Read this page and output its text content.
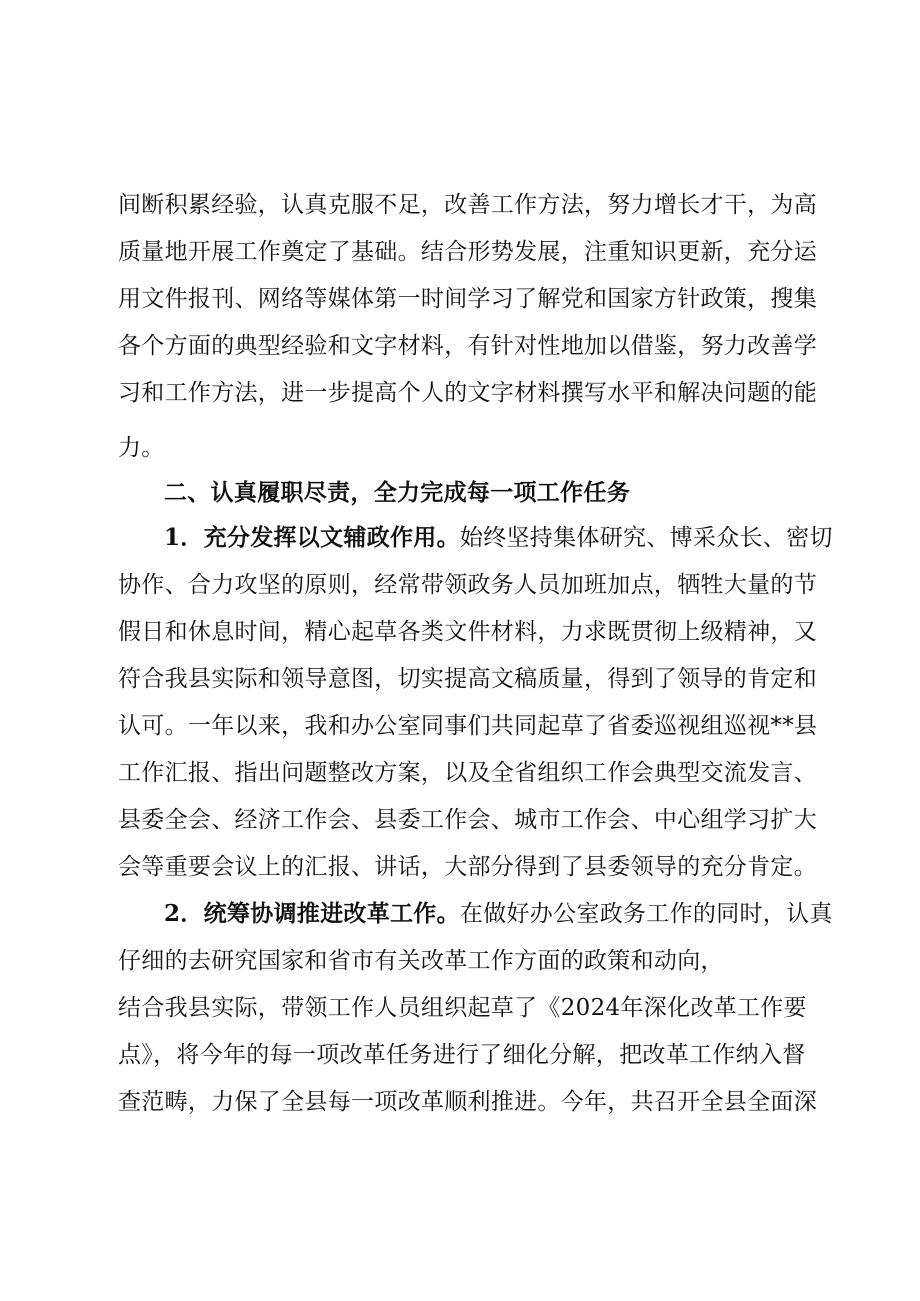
间断积累经验，认真克服不足，改善工作方法，努力增长才干，为高
质量地开展工作奠定了基础。结合形势发展，注重知识更新，充分运
用文件报刊、网络等媒体第一时间学习了解党和国家方针政策，搜集
各个方面的典型经验和文字材料，有针对性地加以借鉴，努力改善学
习和工作方法，进一步提高个人的文字材料撰写水平和解决问题的能
力。
二、认真履职尽责，全力完成每一项工作任务
1．充分发挥以文辅政作用。始终坚持集体研究、博采众长、密切
协作、合力攻坚的原则，经常带领政务人员加班加点，牺牲大量的节
假日和休息时间，精心起草各类文件材料，力求既贯彻上级精神，又
符合我县实际和领导意图，切实提高文稿质量，得到了领导的肯定和
认可。一年以来，我和办公室同事们共同起草了省委巡视组巡视**县
工作汇报、指出问题整改方案，以及全省组织工作会典型交流发言、
县委全会、经济工作会、县委工作会、城市工作会、中心组学习扩大
会等重要会议上的汇报、讲话，大部分得到了县委领导的充分肯定。
2．统筹协调推进改革工作。在做好办公室政务工作的同时，认真
仔细的去研究国家和省市有关改革工作方面的政策和动向，
结合我县实际，带领工作人员组织起草了《2024年深化改革工作要
点》，将今年的每一项改革任务进行了细化分解，把改革工作纳入督
查范畴，力保了全县每一项改革顺利推进。今年，共召开全县全面深
